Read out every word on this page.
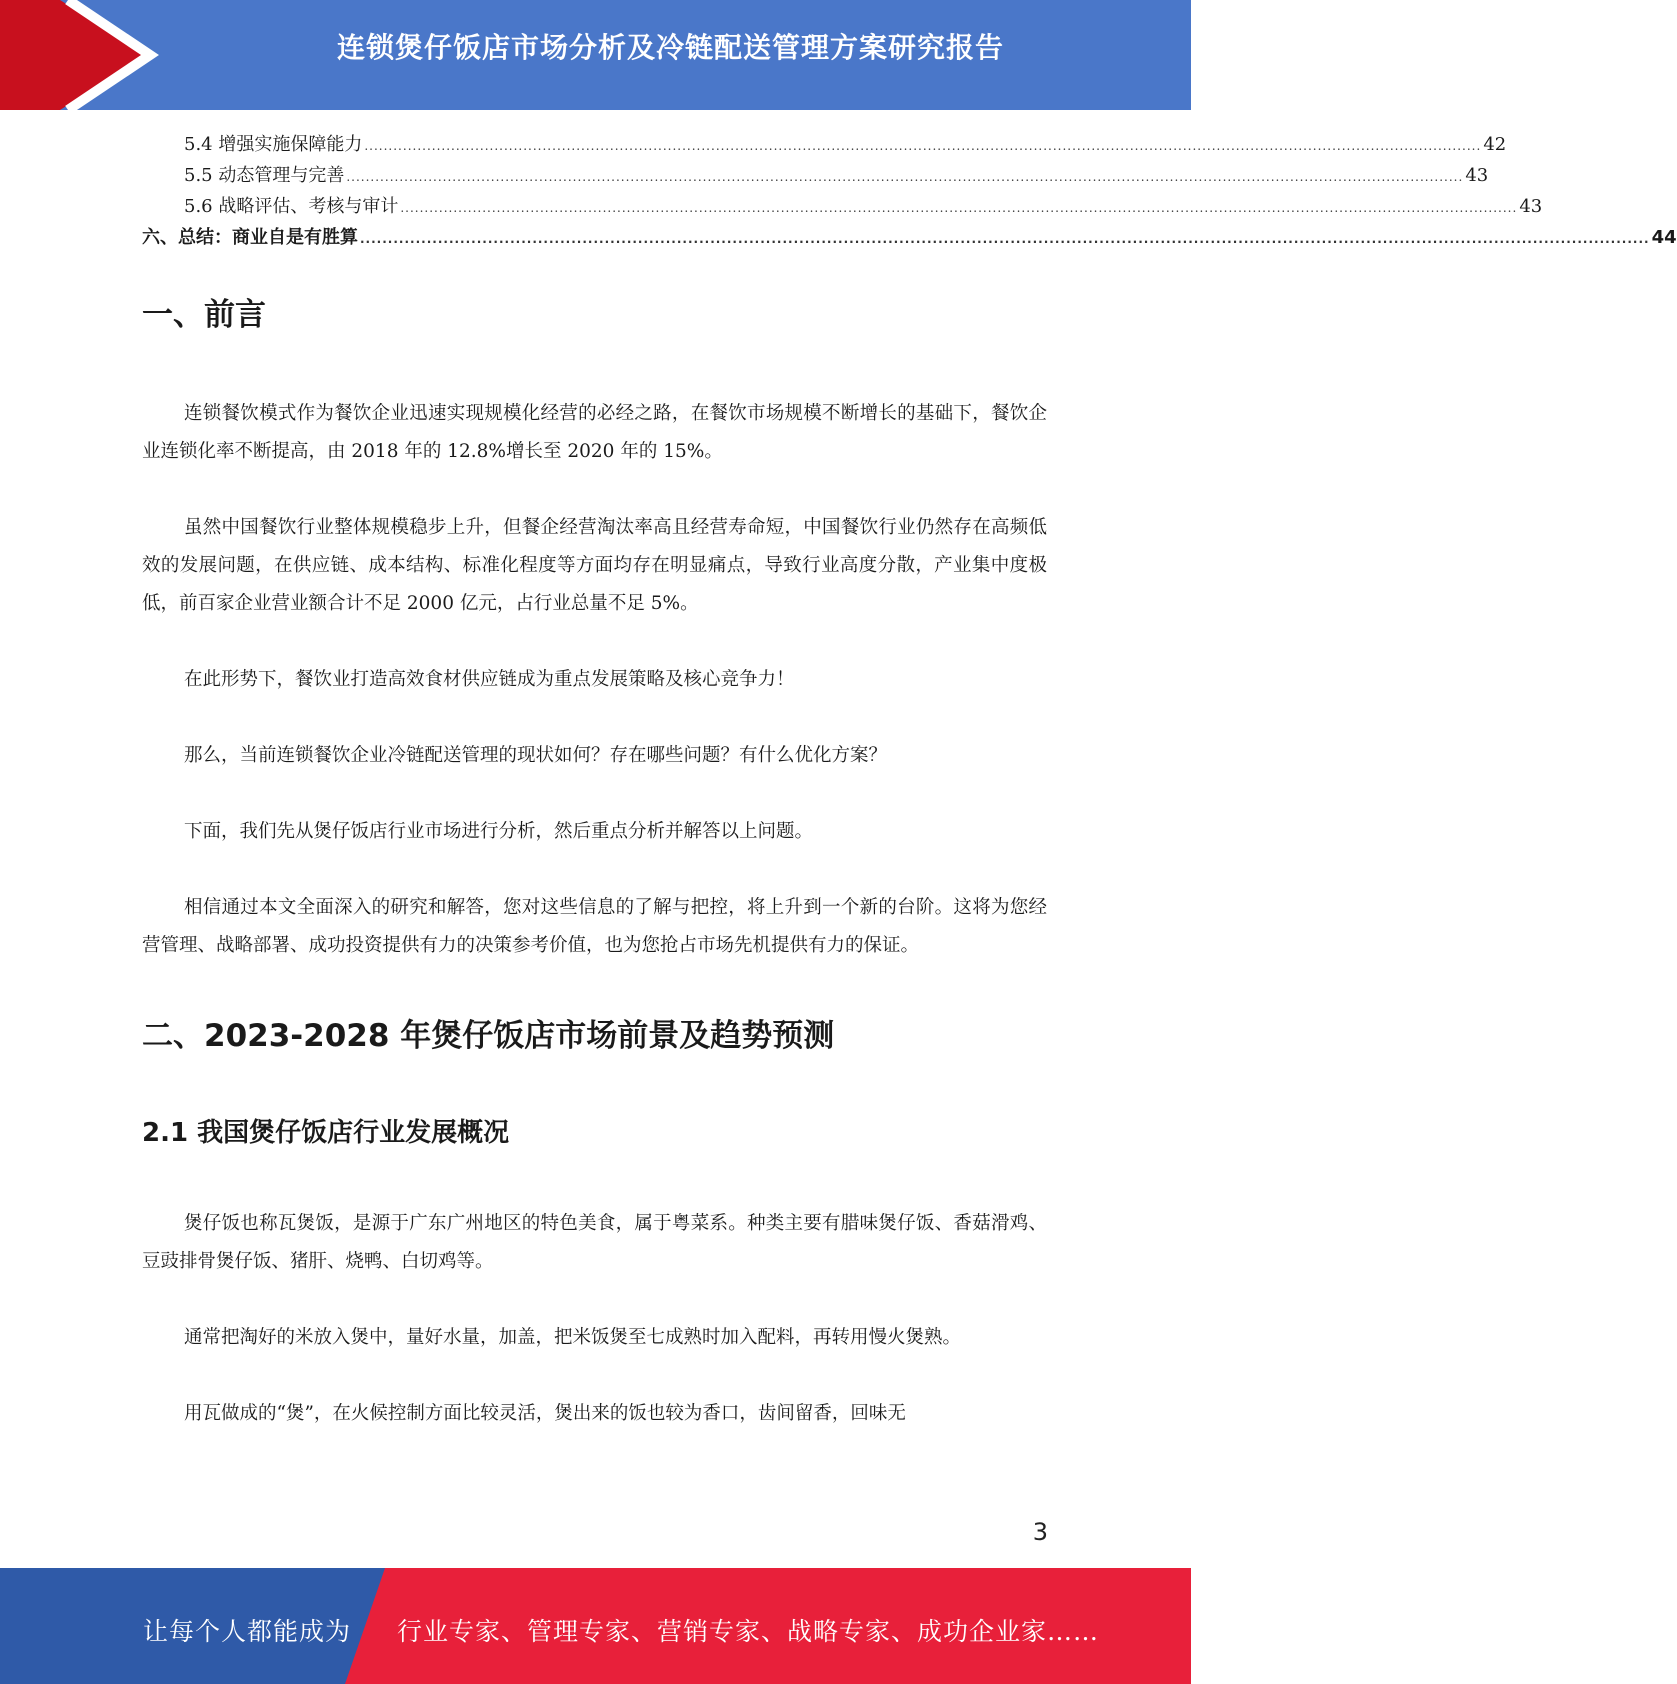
连锁煲仔饭店市场分析及冷链配送管理方案研究报告
5.4 增强实施保障能力 ........................................................................................................................................................................................................................................ 42
5.5 动态管理与完善 ........................................................................................................................................................................................................................................ 43
5.6 战略评估、考核与审计 ........................................................................................................................................................................................................................................ 43
六、总结：商业自是有胜算 ........................................................................................................................................................................................................................................ 44
一、前言

连锁餐饮模式作为餐饮企业迅速实现规模化经营的必经之路，在餐饮市场规模不断增长的基础下，餐饮企业连锁化率不断提高，由 2018 年的 12.8%增长至 2020 年的 15%。

虽然中国餐饮行业整体规模稳步上升，但餐企经营淘汰率高且经营寿命短，中国餐饮行业仍然存在高频低效的发展问题，在供应链、成本结构、标准化程度等方面均存在明显痛点，导致行业高度分散，产业集中度极低，前百家企业营业额合计不足 2000 亿元，占行业总量不足 5%。

在此形势下，餐饮业打造高效食材供应链成为重点发展策略及核心竞争力！

那么，当前连锁餐饮企业冷链配送管理的现状如何？存在哪些问题？有什么优化方案？

下面，我们先从煲仔饭店行业市场进行分析，然后重点分析并解答以上问题。

相信通过本文全面深入的研究和解答，您对这些信息的了解与把控，将上升到一个新的台阶。这将为您经营管理、战略部署、成功投资提供有力的决策参考价值，也为您抢占市场先机提供有力的保证。

二、2023-2028 年煲仔饭店市场前景及趋势预测
2.1 我国煲仔饭店行业发展概况

煲仔饭也称瓦煲饭，是源于广东广州地区的特色美食，属于粤菜系。种类主要有腊味煲仔饭、香菇滑鸡、豆豉排骨煲仔饭、猪肝、烧鸭、白切鸡等。

通常把淘好的米放入煲中，量好水量，加盖，把米饭煲至七成熟时加入配料，再转用慢火煲熟。

用瓦做成的“煲”，在火候控制方面比较灵活，煲出来的饭也较为香口，齿间留香，回味无

3
让每个人都能成为 行业专家、管理专家、营销专家、战略专家、成功企业家……
